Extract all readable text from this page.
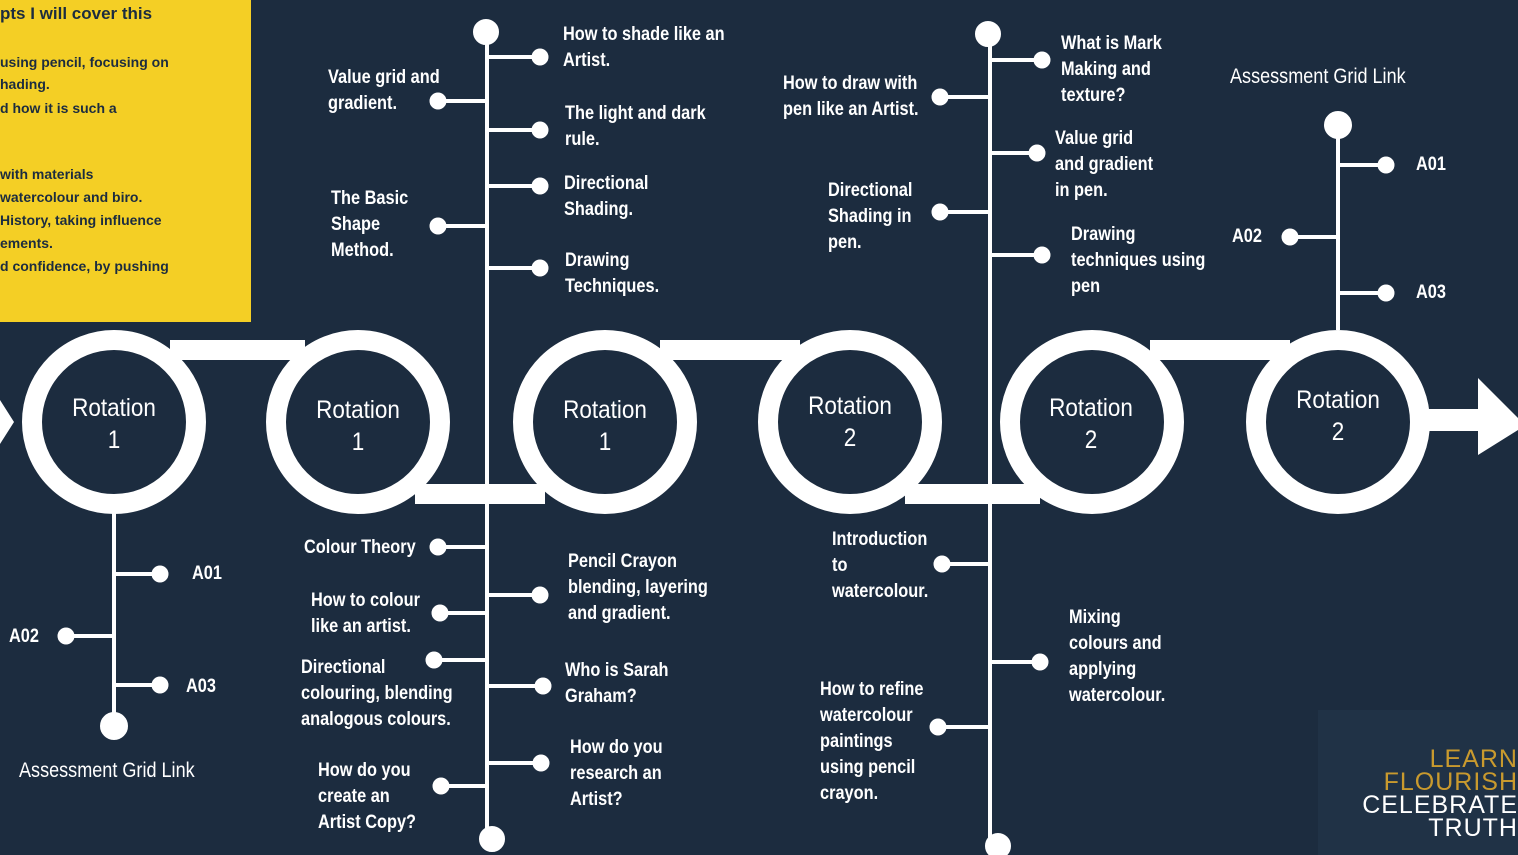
pts I will cover this
using pencil, focusing on
hading.
d how it is such a
with materials
watercolour and biro.
History, taking influence
ements.
d confidence, by pushing
Rotation
1
Rotation
1
Rotation
1
Rotation
2
Rotation
2
Rotation
2
Value grid and
gradient.
The Basic
Shape
Method.
How to shade like an
Artist.
The light and dark
rule.
Directional
Shading.
Drawing
Techniques.
Colour Theory
How to colour
like an artist.
Directional
colouring, blending
analogous colours.
How do you
create an
Artist Copy?
Pencil Crayon
blending, layering
and gradient.
Who is Sarah
Graham?
How do you
research an
Artist?
How to draw with
pen like an Artist.
Directional
Shading in
pen.
What is Mark
Making and
texture?
Value grid
and gradient
in pen.
Drawing
techniques using
pen
Introduction
to
watercolour.
How to refine
watercolour
paintings
using pencil
crayon.
Mixing
colours and
applying
watercolour.
A01
A02
A03
Assessment Grid Link
Assessment Grid Link
A01
A02
A03
LEARN
FLOURISH
CELEBRATE
TRUTH
